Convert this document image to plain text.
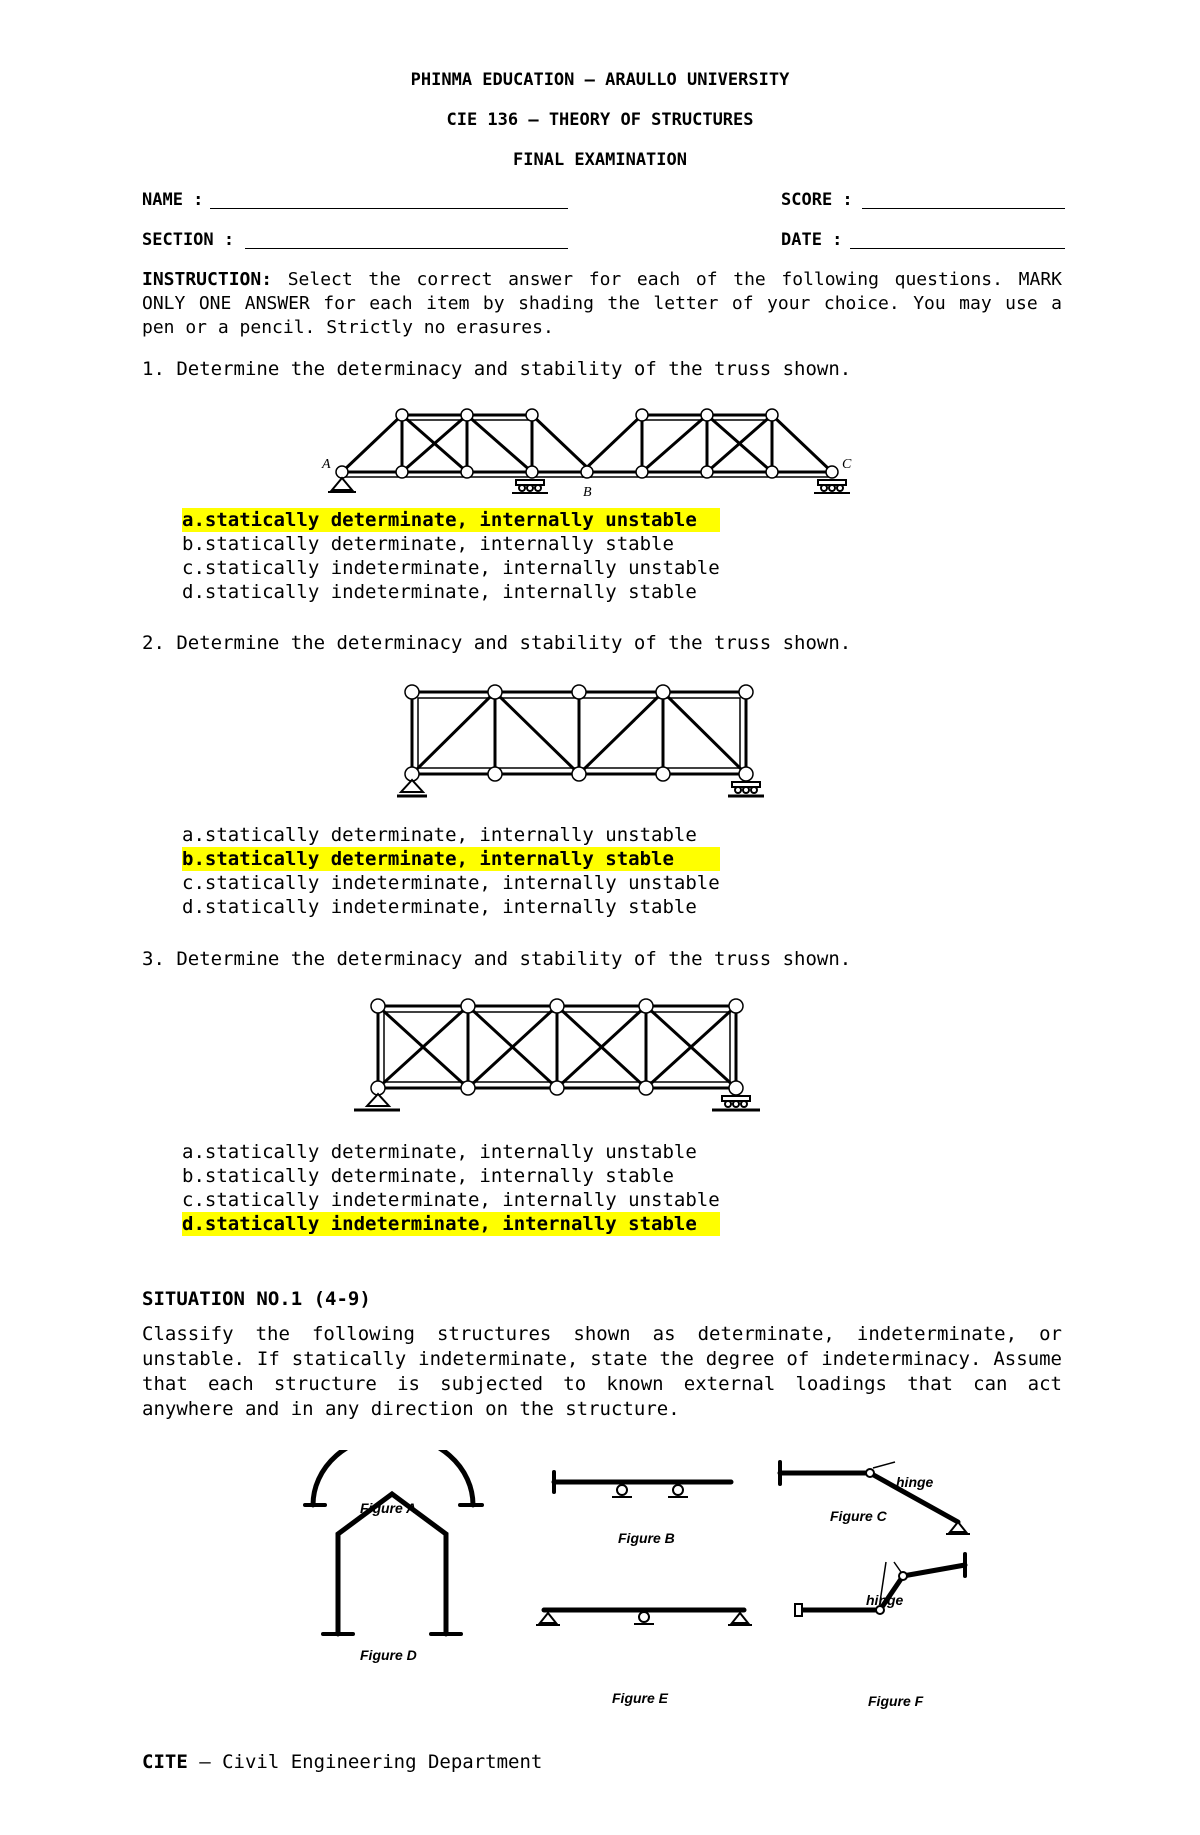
PHINMA EDUCATION – ARAULLO UNIVERSITY
CIE 136 – THEORY OF STRUCTURES
FINAL EXAMINATION
NAME :	SCORE :
SECTION :	DATE :
INSTRUCTION: Select the correct answer for each of the following questions. MARK ONLY ONE ANSWER for each item by shading the letter of your choice. You may use a pen or a pencil. Strictly no erasures.
1. Determine the determinacy and stability of the truss shown.
A
B
C
a.statically determinate, internally unstable
b.statically determinate, internally stable
c.statically indeterminate, internally unstable
d.statically indeterminate, internally stable
2. Determine the determinacy and stability of the truss shown.
a.statically determinate, internally unstable
b.statically determinate, internally stable
c.statically indeterminate, internally unstable
d.statically indeterminate, internally stable
3. Determine the determinacy and stability of the truss shown.
a.statically determinate, internally unstable
b.statically determinate, internally stable
c.statically indeterminate, internally unstable
d.statically indeterminate, internally stable
SITUATION NO.1 (4-9)
Classify the following structures shown as determinate, indeterminate, or unstable. If statically indeterminate, state the degree of indeterminacy. Assume that each structure is subjected to known external loadings that can act anywhere and in any direction on the structure.
Figure A
Figure B
Figure C
hinge
Figure D
Figure E	Figure F
hinge
CITE – Civil Engineering Department
